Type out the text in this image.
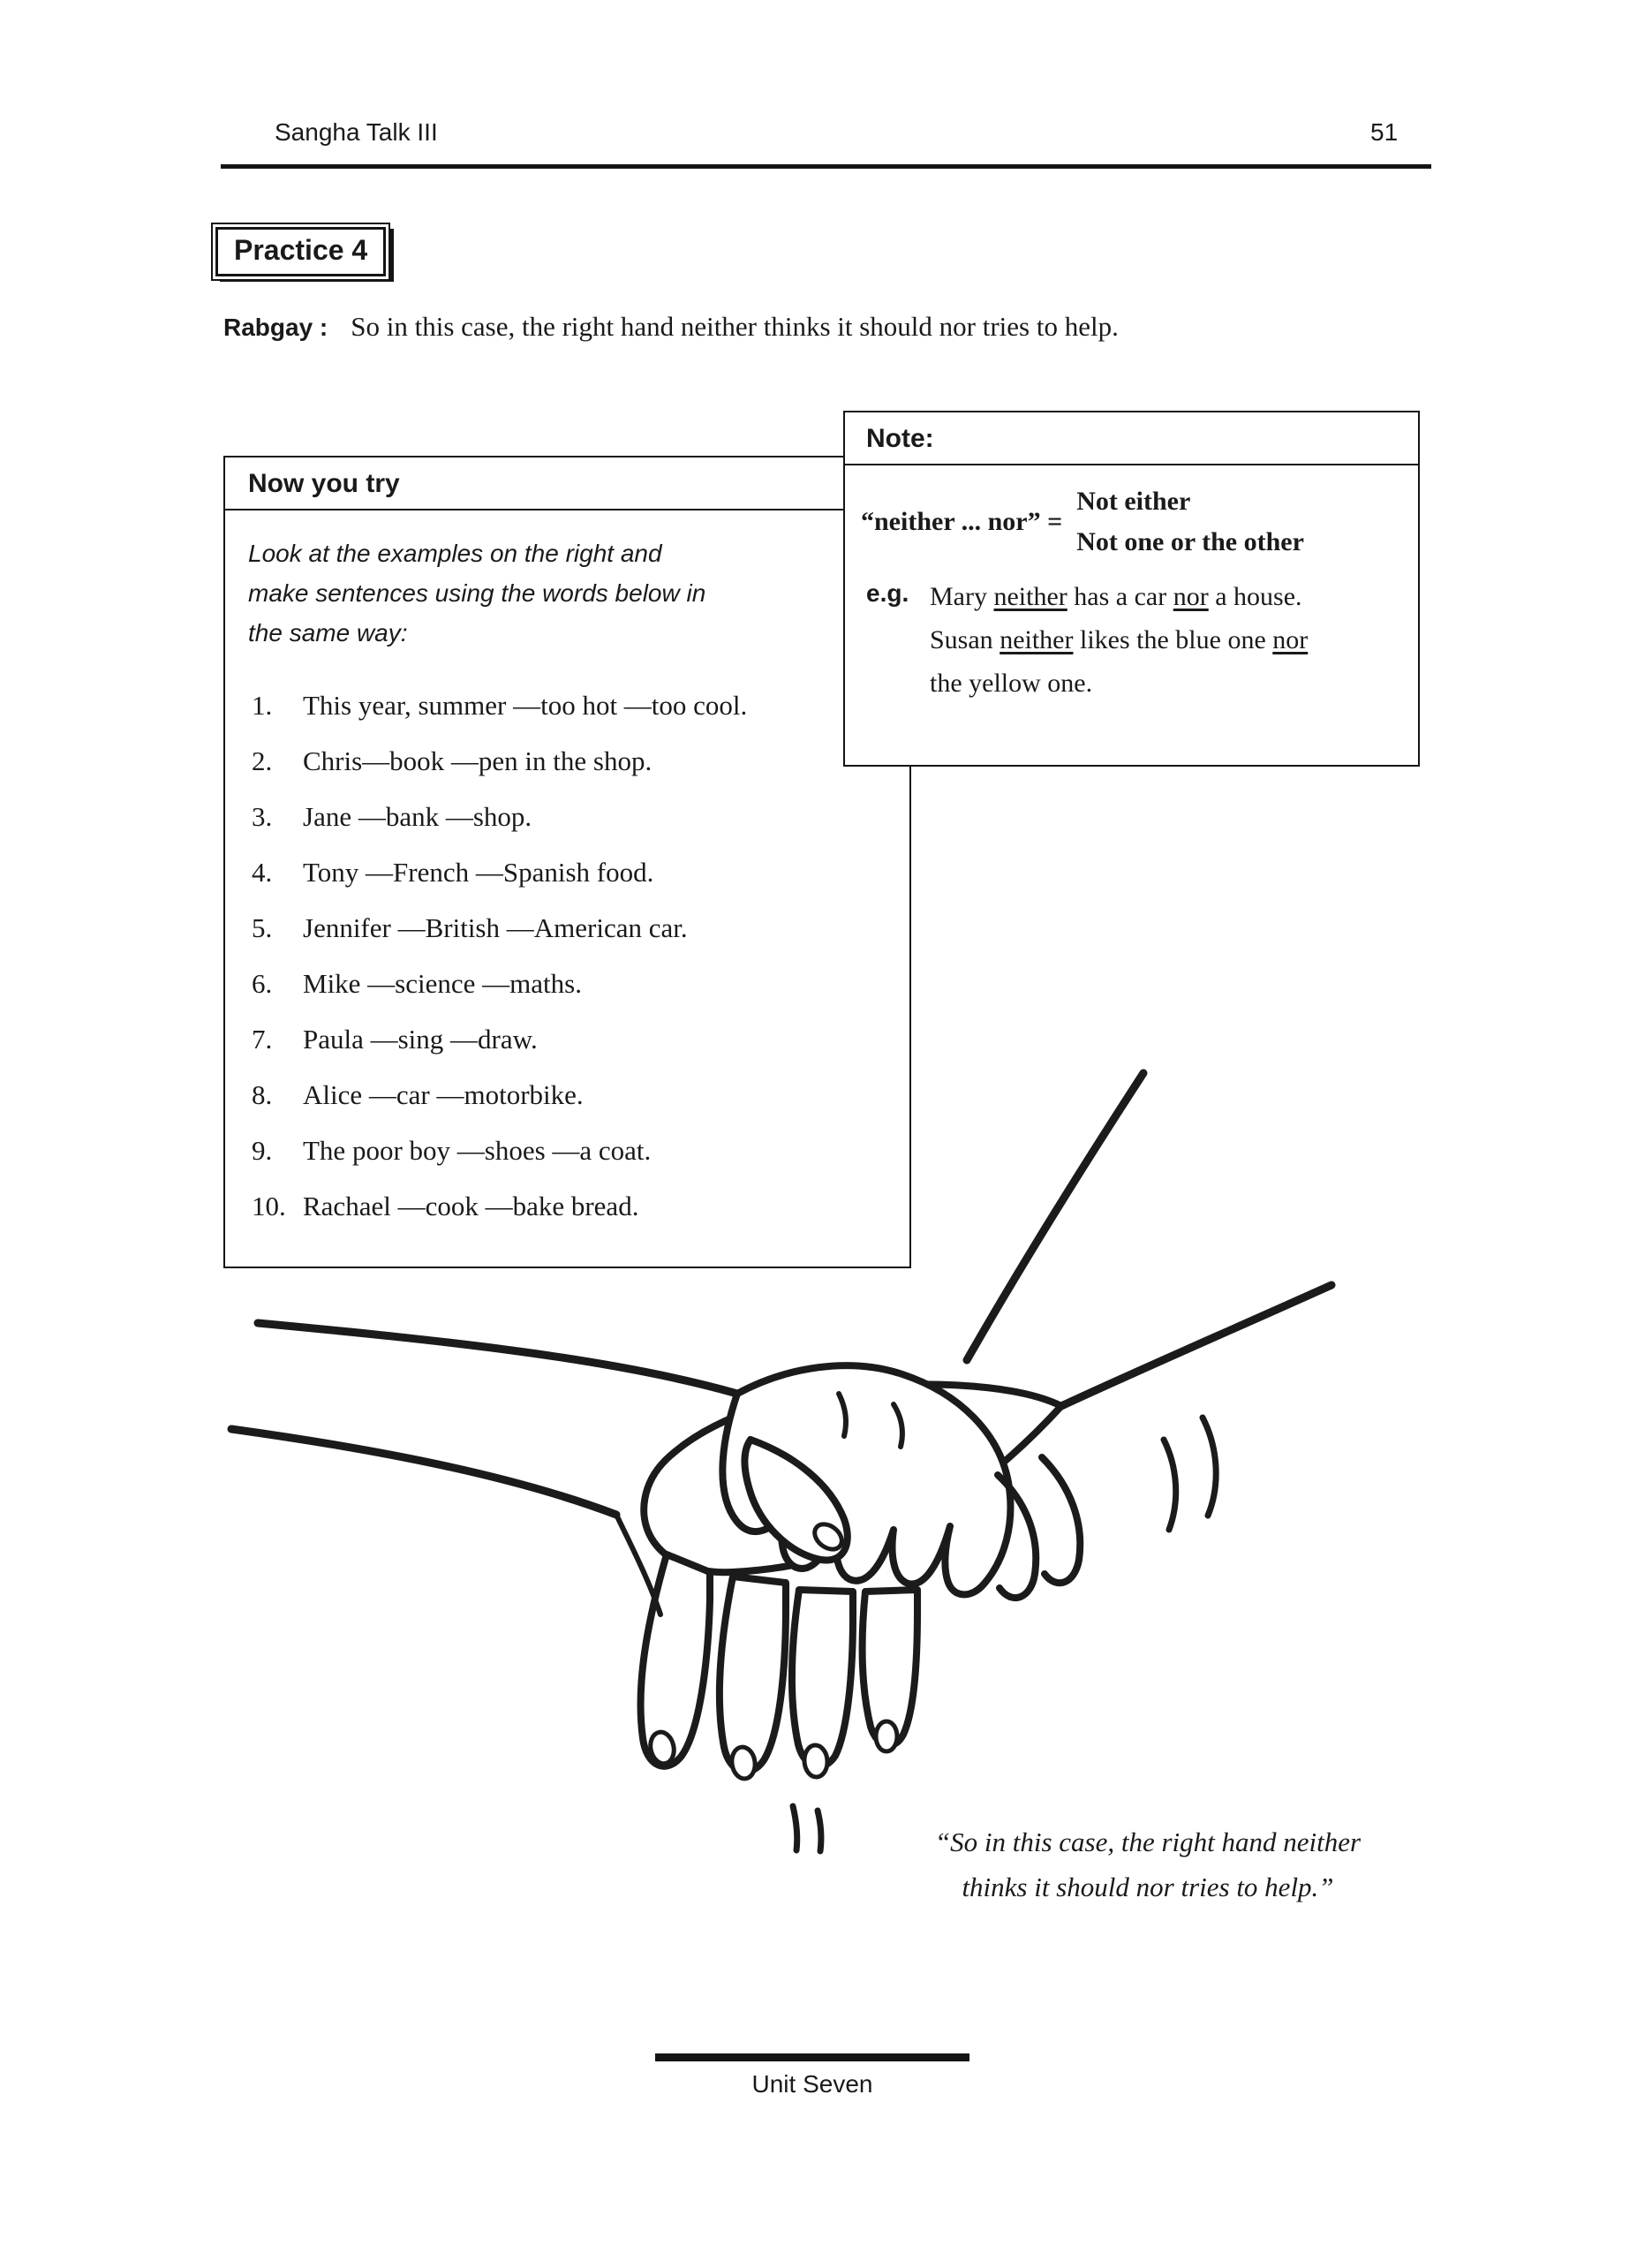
Sangha Talk III	51
Practice 4
Rabgay : So in this case, the right hand neither thinks it should nor tries to help.
Now you try
Look at the examples on the right and
make sentences using the words below in
the same way:
1.	This year, summer —too hot —too cool.
2.	Chris—book —pen in the shop.
3.	Jane —bank —shop.
4.	Tony —French —Spanish food.
5.	Jennifer —British —American car.
6.	Mike —science —maths.
7.	Paula —sing —draw.
8.	Alice —car —motorbike.
9.	The poor boy —shoes —a coat.
10. Rachael —cook —bake bread.
Note:
“neither ... nor” =
Not either
Not one or the other
e.g. Mary neither has a car nor a house.
Susan neither likes the blue one nor
the yellow one.
“So in this case, the right hand neither
thinks it should nor tries to help.”
Unit Seven
